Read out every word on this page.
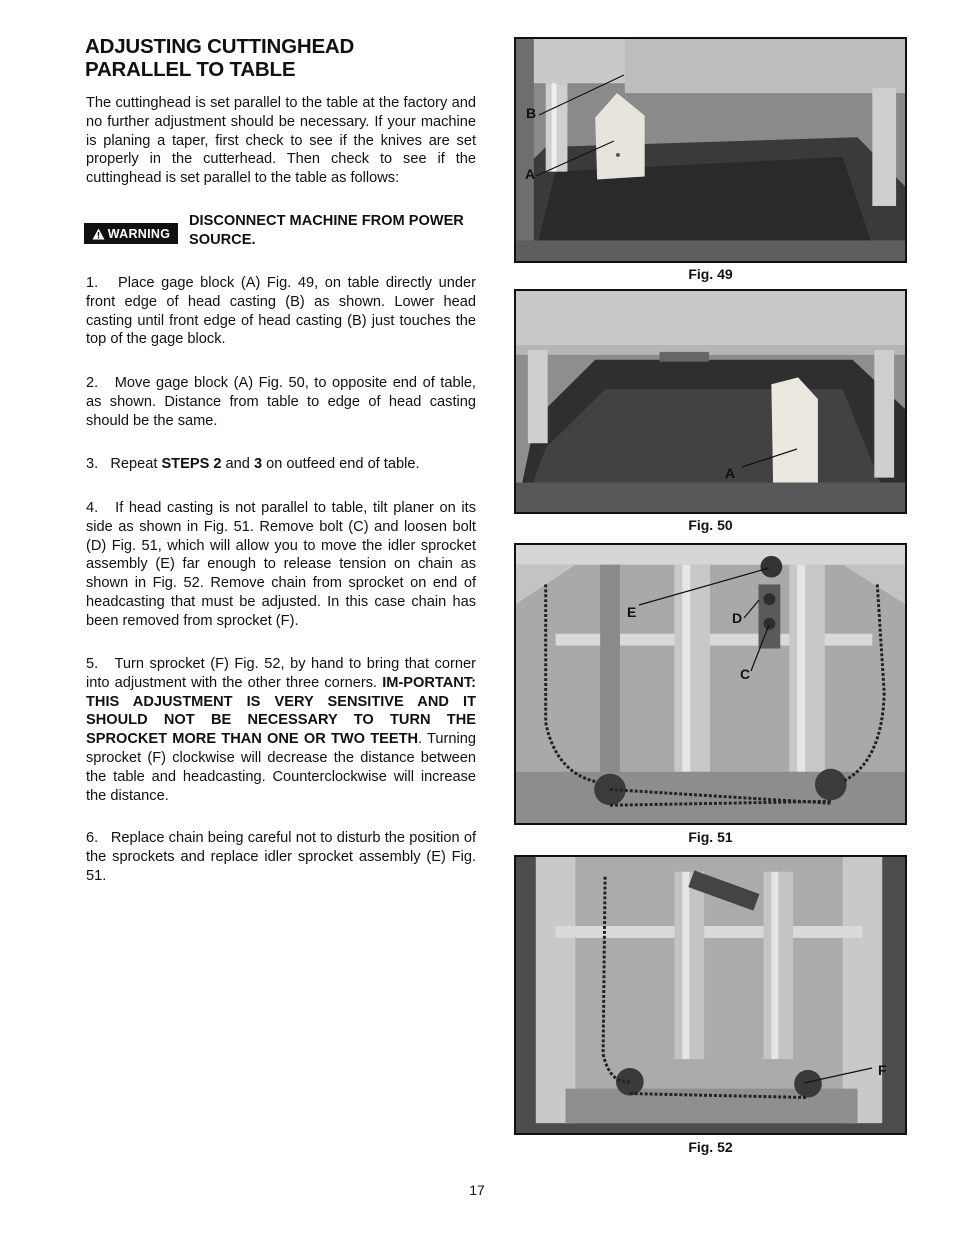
ADJUSTING CUTTINGHEAD
PARALLEL TO TABLE
The cuttinghead is set parallel to the table at the factory and no further adjustment should be necessary. If your machine is planing a taper, first check to see if the knives are set properly in the cutterhead. Then check to see if the cuttinghead is set parallel to the table as follows:
WARNING
DISCONNECT MACHINE FROM POWER SOURCE.
1.   Place gage block (A) Fig. 49, on table directly under front edge of head casting (B) as shown. Lower head casting until front edge of head casting (B) just touches the top of the gage block.
2.   Move gage block (A) Fig. 50, to opposite end of table, as shown. Distance from table to edge of head casting should be the same.
3.   Repeat STEPS 2 and 3 on outfeed end of table.
4.   If head casting is not parallel to table, tilt planer on its side as shown in Fig. 51. Remove bolt (C) and loosen bolt (D) Fig. 51, which will allow you to move the idler sprocket assembly (E) far enough to release tension on chain as shown in Fig. 52. Remove chain from sprocket on end of headcasting that must be adjusted. In this case chain has been removed from sprocket (F).
5.   Turn sprocket (F) Fig. 52, by hand to bring that corner into adjustment with the other three corners. IM-PORTANT: THIS ADJUSTMENT IS VERY SENSITIVE AND IT SHOULD NOT BE NECESSARY TO TURN THE SPROCKET MORE THAN ONE OR TWO TEETH. Turning sprocket (F) clockwise will decrease the distance between the table and headcasting. Counterclockwise will increase the distance.
6.   Replace chain being careful not to disturb the position of the sprockets and replace idler sprocket assembly (E) Fig. 51.
B
A
Fig. 49
A
Fig. 50
E	D
C
Fig. 51
F
Fig. 52
17
